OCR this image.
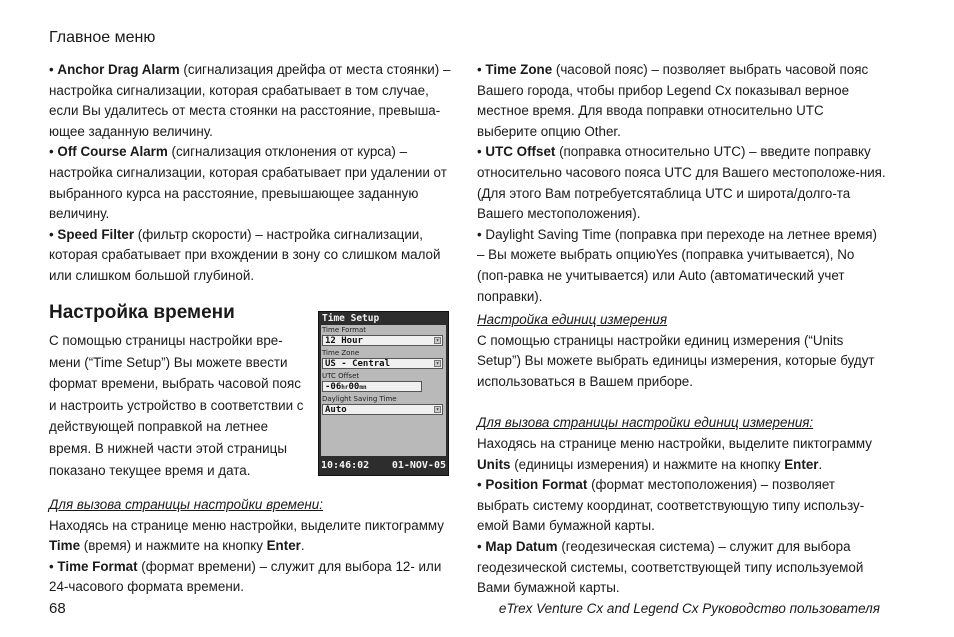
Главное меню

• Anchor Drag Alarm (сигнализация дрейфа от места стоянки) – настройка сигнализации, которая срабатывает в том случае, если Вы удалитесь от места стоянки на расстояние, превыша-ющее заданную величину.

• Off Course Alarm (сигнализация отклонения от курса) – настройка сигнализации, которая срабатывает при удалении от выбранного курса на расстояние, превышающее заданную величину.

• Speed Filter (фильтр скорости) – настройка сигнализации, которая срабатывает при вхождении в зону со слишком малой или слишком большой глубиной.

Настройка времени

С помощью страницы настройки вре-мени (“Time Setup”) Вы можете ввести формат времени, выбрать часовой пояс и настроить устройство в соответствии с действующей поправкой на летнее время. В нижней части этой страницы показано текущее время и дата.

Time Setup
Time Format
12 Hour	▾
Time Zone
US - Central	▾
UTC Offset
-06hr00mn
Daylight Saving Time
Auto	▾
10:46:02 01-NOV-05

Для вызова страницы настройки времени:

Находясь на странице меню настройки, выделите пиктограмму Time (время) и нажмите на кнопку Enter.

• Time Format (формат времени) – служит для выбора 12- или 24-часового формата времени.

• Time Zone (часовой пояс) – позволяет выбрать часовой пояс Вашего города, чтобы прибор Legend Cx показывал верное местное время. Для ввода поправки относительно UTC выберите опцию Other.

• UTC Offset (поправка относительно UTC) – введите поправку относительно часового пояса UTC для Вашего местоположе-ния. (Для этого Вам потребуетсятаблица UTC и широта/долго-та Вашего местоположения).

• Daylight Saving Time (поправка при переходе на летнее время) – Вы можете выбрать опциюYes (поправка учитывается), No (поп-равка не учитывается) или Auto (автоматический учет поправки).

Настройка единиц измерения

С помощью страницы настройки единиц измерения (“Units Setup”) Вы можете выбрать единицы измерения, которые будут использоваться в Вашем приборе.

Для вызова страницы настройки единиц измерения:

Находясь на странице меню настройки, выделите пиктограмму Units (единицы измерения) и нажмите на кнопку Enter.

• Position Format (формат местоположения) – позволяет выбрать систему координат, соответствующую типу использу-емой Вами бумажной карты.

• Map Datum (геодезическая система) – служит для выбора геодезической системы, соответствующей типу используемой Вами бумажной карты.

68	eTrex Venture Cx and Legend Cx Руководство пользователя
